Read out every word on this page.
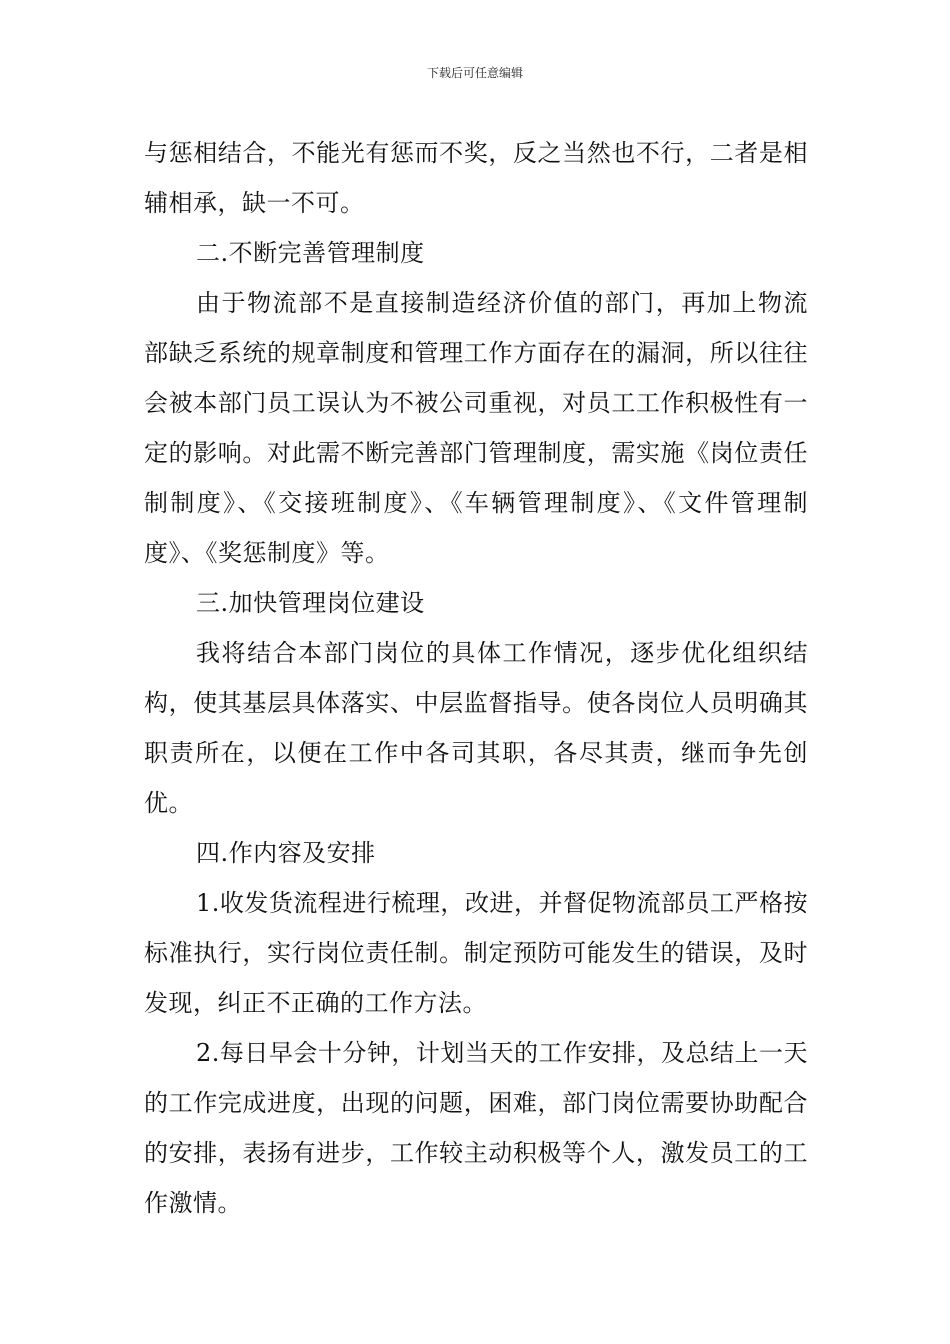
下载后可任意编辑

与惩相结合，不能光有惩而不奖，反之当然也不行，二者是相辅相承，缺一不可。

二.不断完善管理制度

由于物流部不是直接制造经济价值的部门，再加上物流部缺乏系统的规章制度和管理工作方面存在的漏洞，所以往往会被本部门员工误认为不被公司重视，对员工工作积极性有一定的影响。对此需不断完善部门管理制度，需实施《岗位责任制制度》、《交接班制度》、《车辆管理制度》、《文件管理制度》、《奖惩制度》等。

三.加快管理岗位建设

我将结合本部门岗位的具体工作情况，逐步优化组织结构，使其基层具体落实、中层监督指导。使各岗位人员明确其职责所在，以便在工作中各司其职，各尽其责，继而争先创优。

四.作内容及安排

1.收发货流程进行梳理，改进，并督促物流部员工严格按标准执行，实行岗位责任制。制定预防可能发生的错误，及时发现，纠正不正确的工作方法。

2.每日早会十分钟，计划当天的工作安排，及总结上一天的工作完成进度，出现的问题，困难，部门岗位需要协助配合的安排，表扬有进步，工作较主动积极等个人，激发员工的工作激情。
